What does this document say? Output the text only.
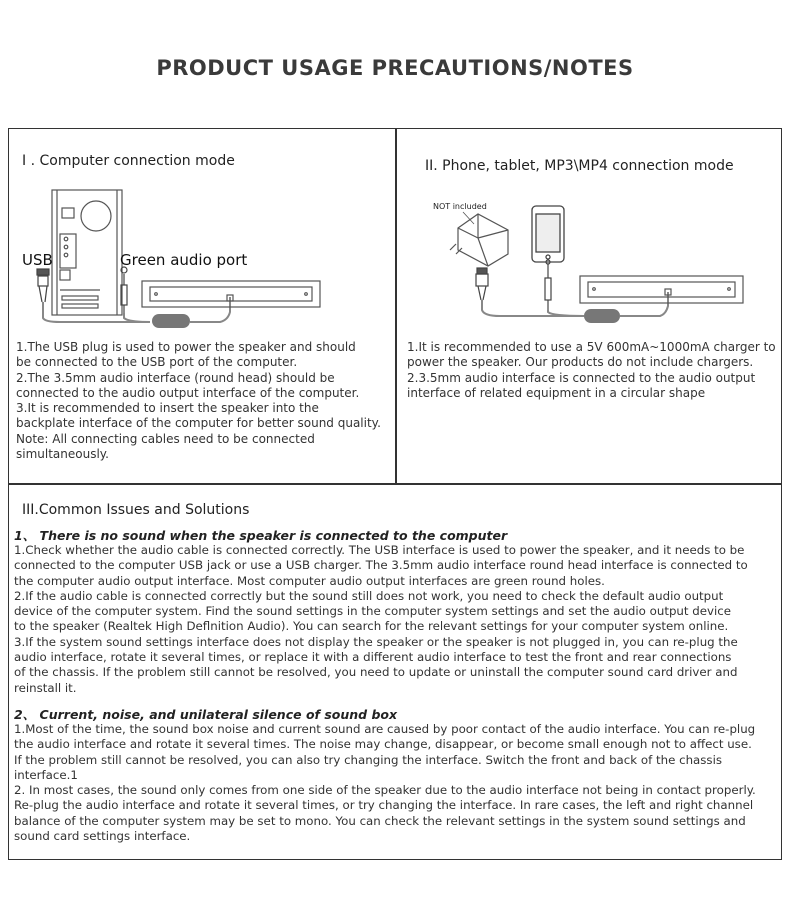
PRODUCT USAGE PRECAUTIONS/NOTES
I . Computer connection mode
USB	Green audio port
1.The USB plug is used to power the speaker and should
be connected to the USB port of the computer.
2.The 3.5mm audio interface (round head) should be
connected to the audio output interface of the computer.
3.It is recommended to insert the speaker into the
backplate interface of the computer for better sound quality.
Note: All connecting cables need to be connected
simultaneously.
II. Phone, tablet, MP3\MP4 connection mode
NOT included
1.It is recommended to use a 5V 600mA~1000mA charger to
power the speaker. Our products do not include chargers.
2.3.5mm audio interface is connected to the audio output
interface of related equipment in a circular shape
III.Common Issues and Solutions
1、 There is no sound when the speaker is connected to the computer
1.Check whether the audio cable is connected correctly. The USB interface is used to power the speaker, and it needs to be
connected to the computer USB jack or use a USB charger. The 3.5mm audio interface round head interface is connected to
the computer audio output interface. Most computer audio output interfaces are green round holes.
2.If the audio cable is connected correctly but the sound still does not work, you need to check the default audio output
device of the computer system. Find the sound settings in the computer system settings and set the audio output device
to the speaker (Realtek High Deflnition Audio). You can search for the relevant settings for your computer system online.
3.If the system sound settings interface does not display the speaker or the speaker is not plugged in, you can re-plug the
audio interface, rotate it several times, or replace it with a different audio interface to test the front and rear connections
of the chassis. If the problem still cannot be resolved, you need to update or uninstall the computer sound card driver and
reinstall it.
2、 Current, noise, and unilateral silence of sound box
1.Most of the time, the sound box noise and current sound are caused by poor contact of the audio interface. You can re-plug
the audio interface and rotate it several times. The noise may change, disappear, or become small enough not to affect use.
If the problem still cannot be resolved, you can also try changing the interface. Switch the front and back of the chassis
interface.1
2. In most cases, the sound only comes from one side of the speaker due to the audio interface not being in contact properly.
Re-plug the audio interface and rotate it several times, or try changing the interface. In rare cases, the left and right channel
balance of the computer system may be set to mono. You can check the relevant settings in the system sound settings and
sound card settings interface.
